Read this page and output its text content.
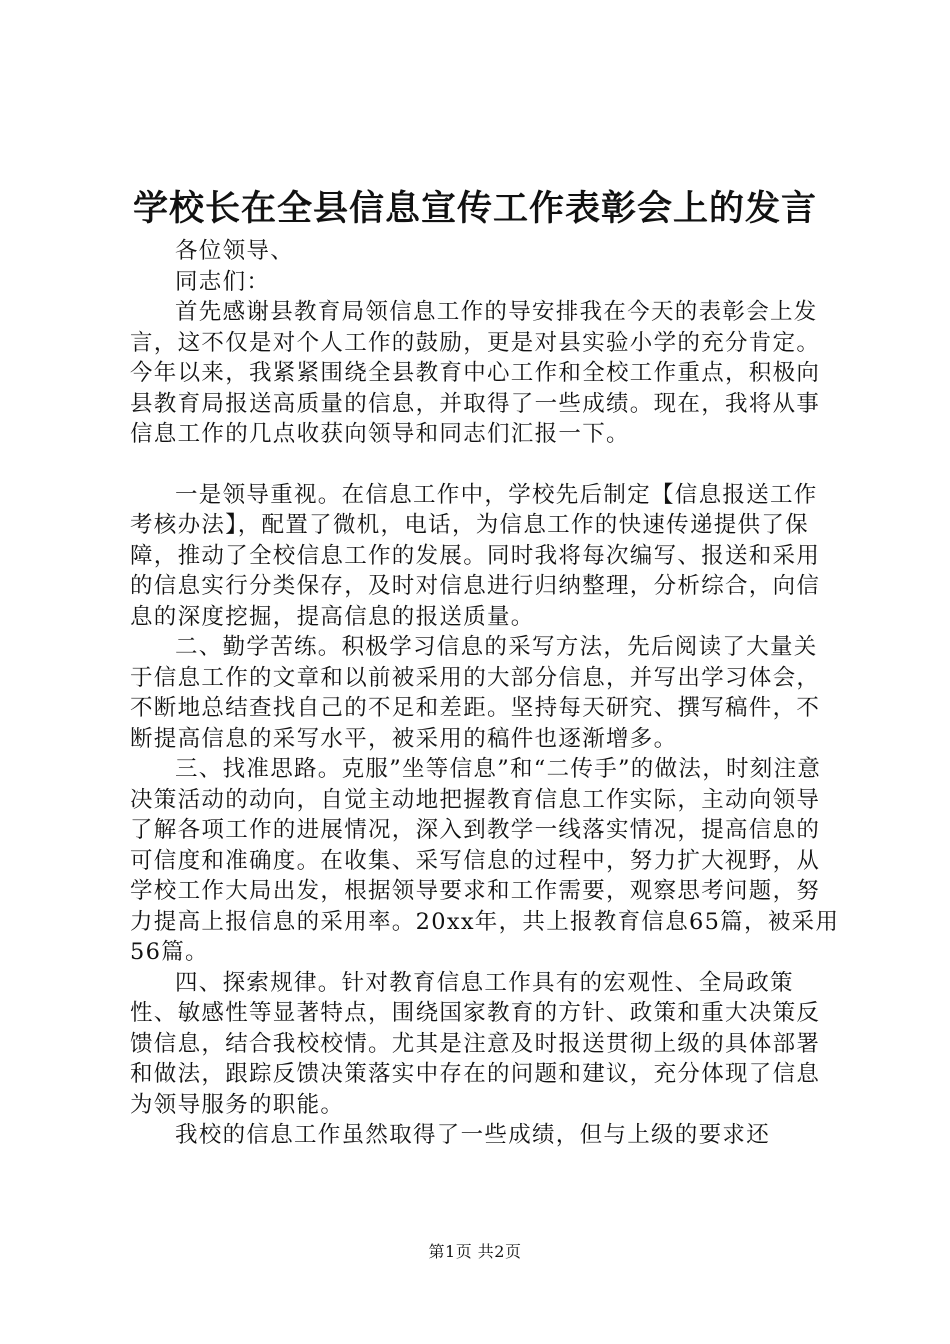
学校长在全县信息宣传工作表彰会上的发言

各位领导、

同志们：

首先感谢县教育局领信息工作的导安排我在今天的表彰会上发言，这不仅是对个人工作的鼓励，更是对县实验小学的充分肯定。今年以来，我紧紧围绕全县教育中心工作和全校工作重点，积极向县教育局报送高质量的信息，并取得了一些成绩。现在，我将从事信息工作的几点收获向领导和同志们汇报一下。

一是领导重视。在信息工作中，学校先后制定【信息报送工作考核办法】，配置了微机，电话，为信息工作的快速传递提供了保障，推动了全校信息工作的发展。同时我将每次编写、报送和采用的信息实行分类保存，及时对信息进行归纳整理，分析综合，向信息的深度挖掘，提高信息的报送质量。

二、勤学苦练。积极学习信息的采写方法，先后阅读了大量关于信息工作的文章和以前被采用的大部分信息，并写出学习体会，不断地总结查找自己的不足和差距。坚持每天研究、撰写稿件，不断提高信息的采写水平，被采用的稿件也逐渐增多。

三、找准思路。克服”坐等信息”和“二传手”的做法，时刻注意决策活动的动向，自觉主动地把握教育信息工作实际，主动向领导了解各项工作的进展情况，深入到教学一线落实情况，提高信息的可信度和准确度。在收集、采写信息的过程中，努力扩大视野，从学校工作大局出发，根据领导要求和工作需要，观察思考问题，努力提高上报信息的采用率。20xx年，共上报教育信息65篇，被采用56篇。

四、探索规律。针对教育信息工作具有的宏观性、全局政策性、敏感性等显著特点，围绕国家教育的方针、政策和重大决策反馈信息，结合我校校情。尤其是注意及时报送贯彻上级的具体部署和做法，跟踪反馈决策落实中存在的问题和建议，充分体现了信息为领导服务的职能。

我校的信息工作虽然取得了一些成绩，但与上级的要求还

第1页 共2页
